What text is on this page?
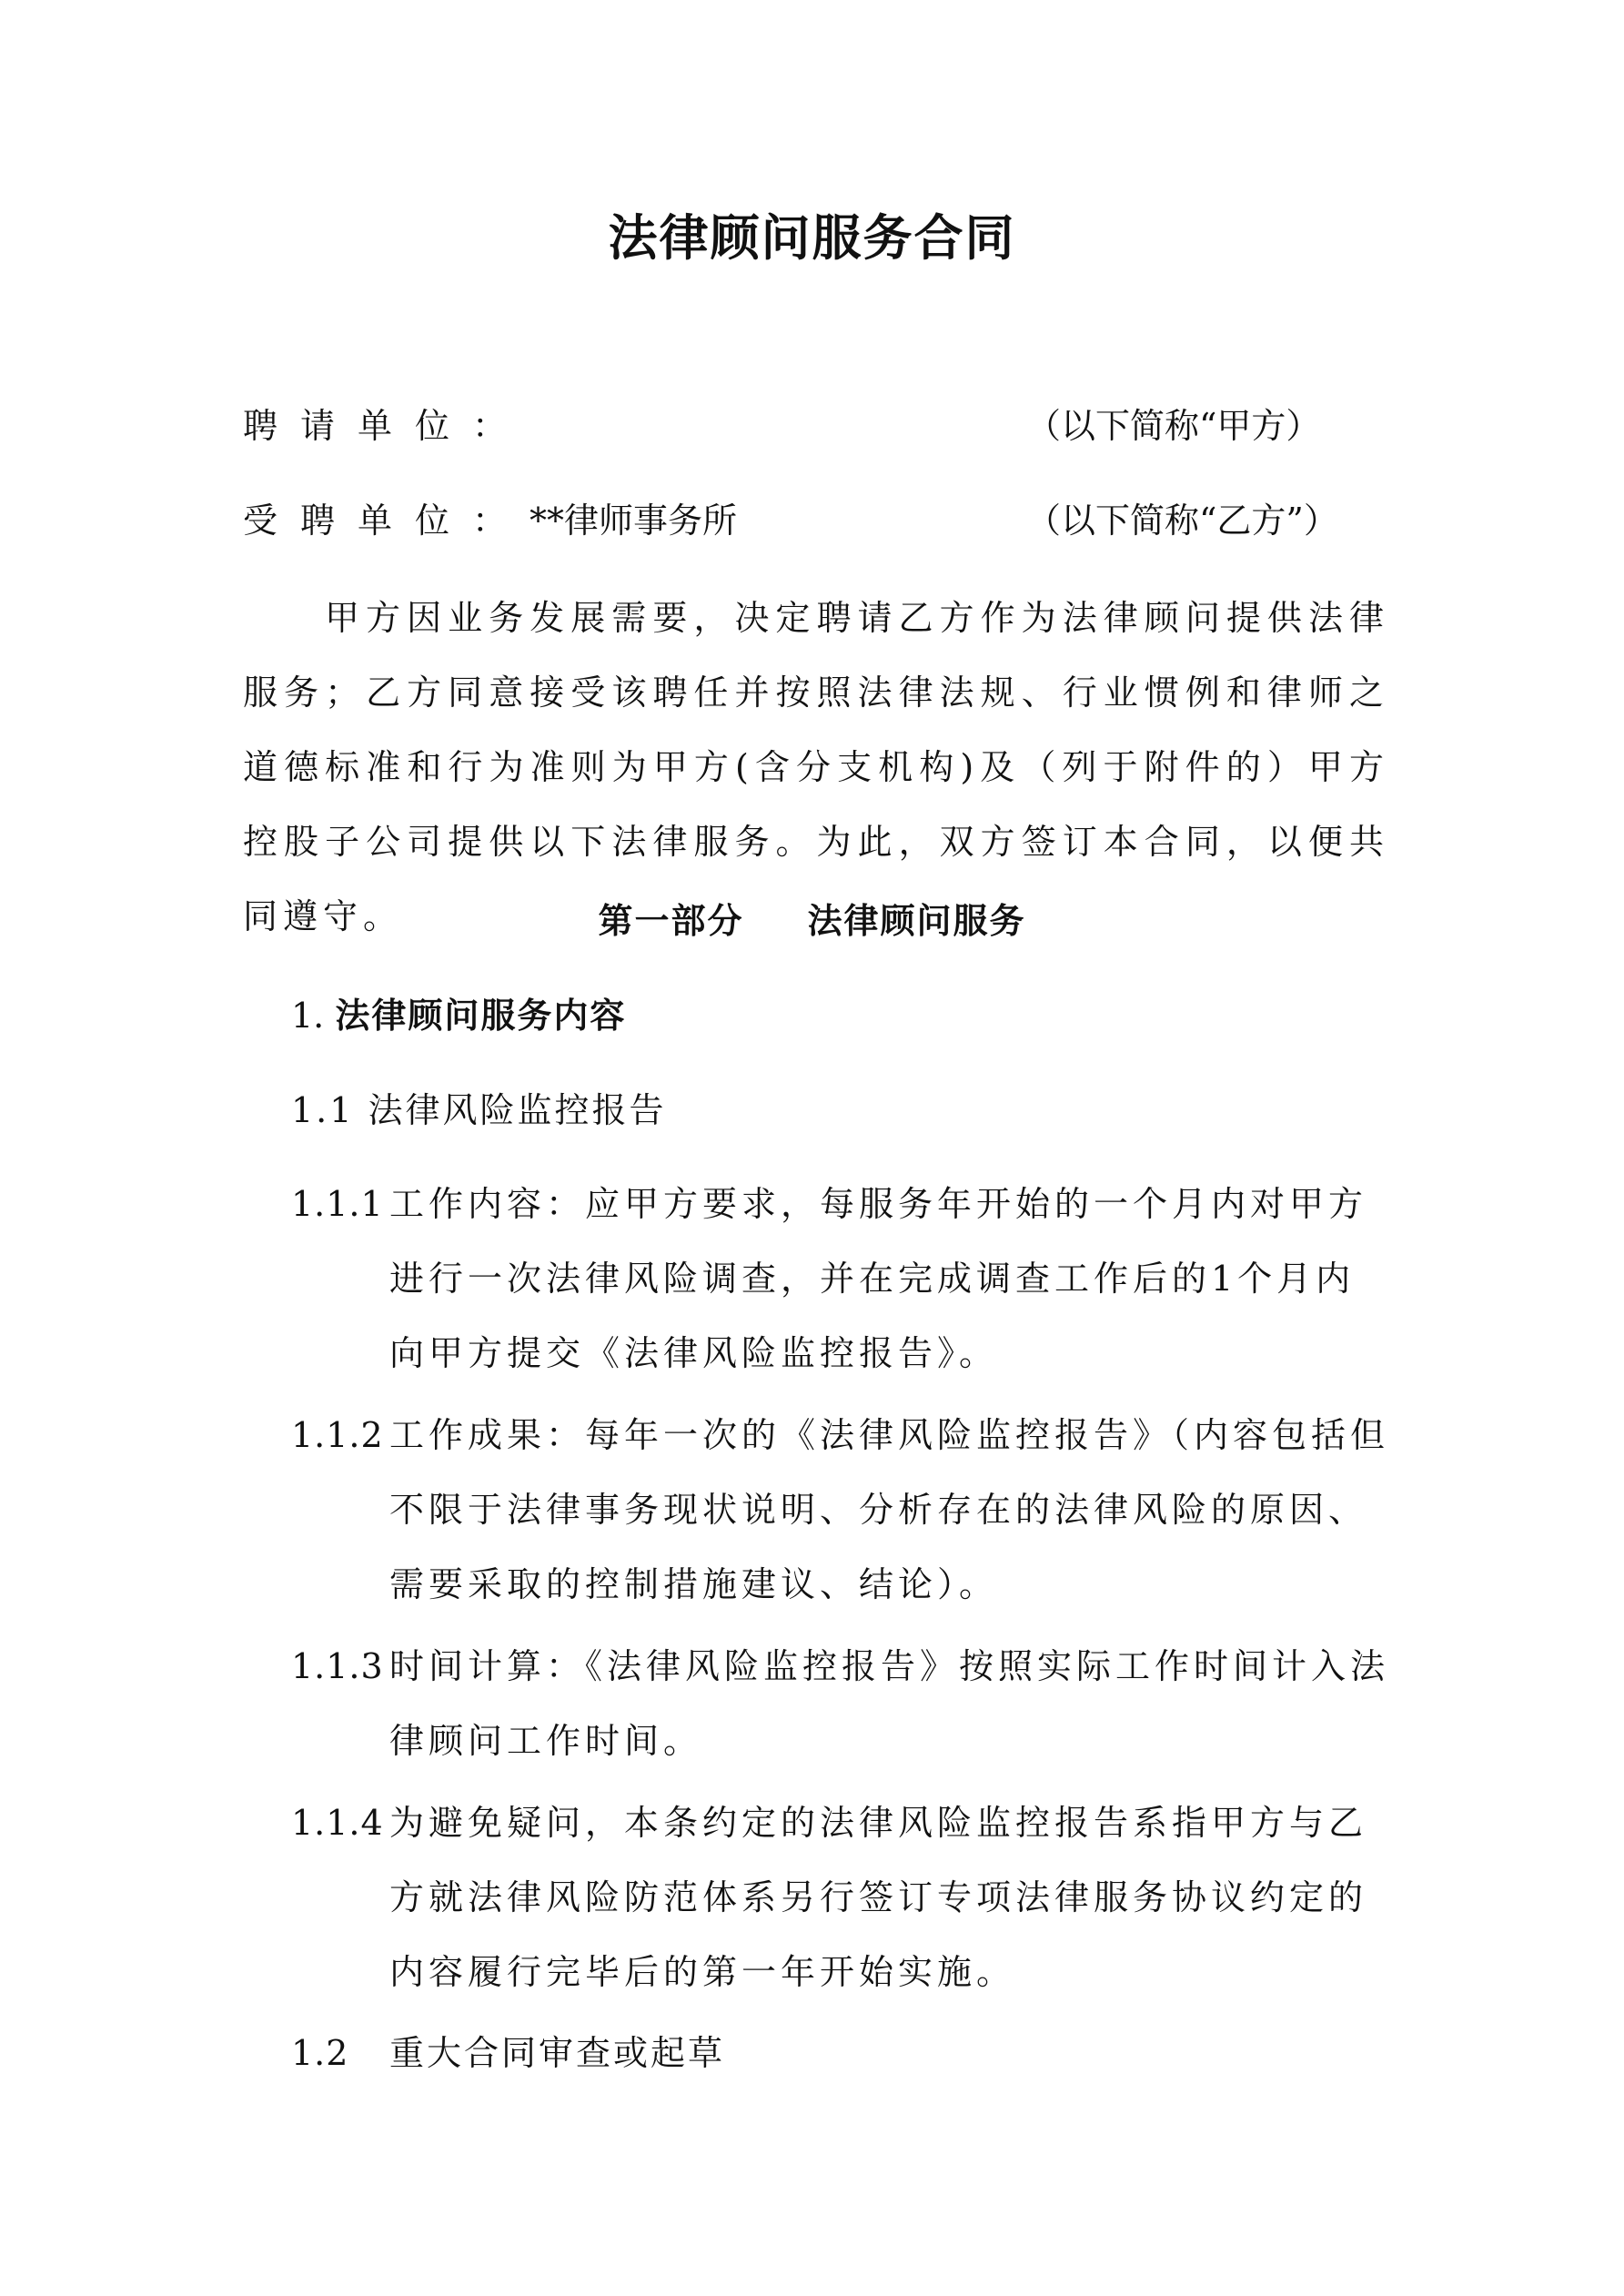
法律顾问服务合同
聘请单位：	（以下简称“甲方）
受聘单位：**律师事务所	（以下简称“乙方”）
甲方因业务发展需要，决定聘请乙方作为法律顾问提供法律服务；乙方同意接受该聘任并按照法律法规、行业惯例和律师之道德标准和行为准则为甲方(含分支机构)及（列于附件的）甲方控股子公司提供以下法律服务。为此，双方签订本合同，以便共同遵守。	第一部分 法律顾问服务
1. 法律顾问服务内容
1.1 法律风险监控报告
1.1.1 工作内容：应甲方要求，每服务年开始的一个月内对甲方进行一次法律风险调查，并在完成调查工作后的1个月内向甲方提交《法律风险监控报告》。
1.1.2 工作成果：每年一次的《法律风险监控报告》（内容包括但不限于法律事务现状说明、分析存在的法律风险的原因、需要采取的控制措施建议、结论）。
1.1.3 时间计算：《法律风险监控报告》按照实际工作时间计入法律顾问工作时间。
1.1.4 为避免疑问，本条约定的法律风险监控报告系指甲方与乙方就法律风险防范体系另行签订专项法律服务协议约定的内容履行完毕后的第一年开始实施。
1.2 重大合同审查或起草
